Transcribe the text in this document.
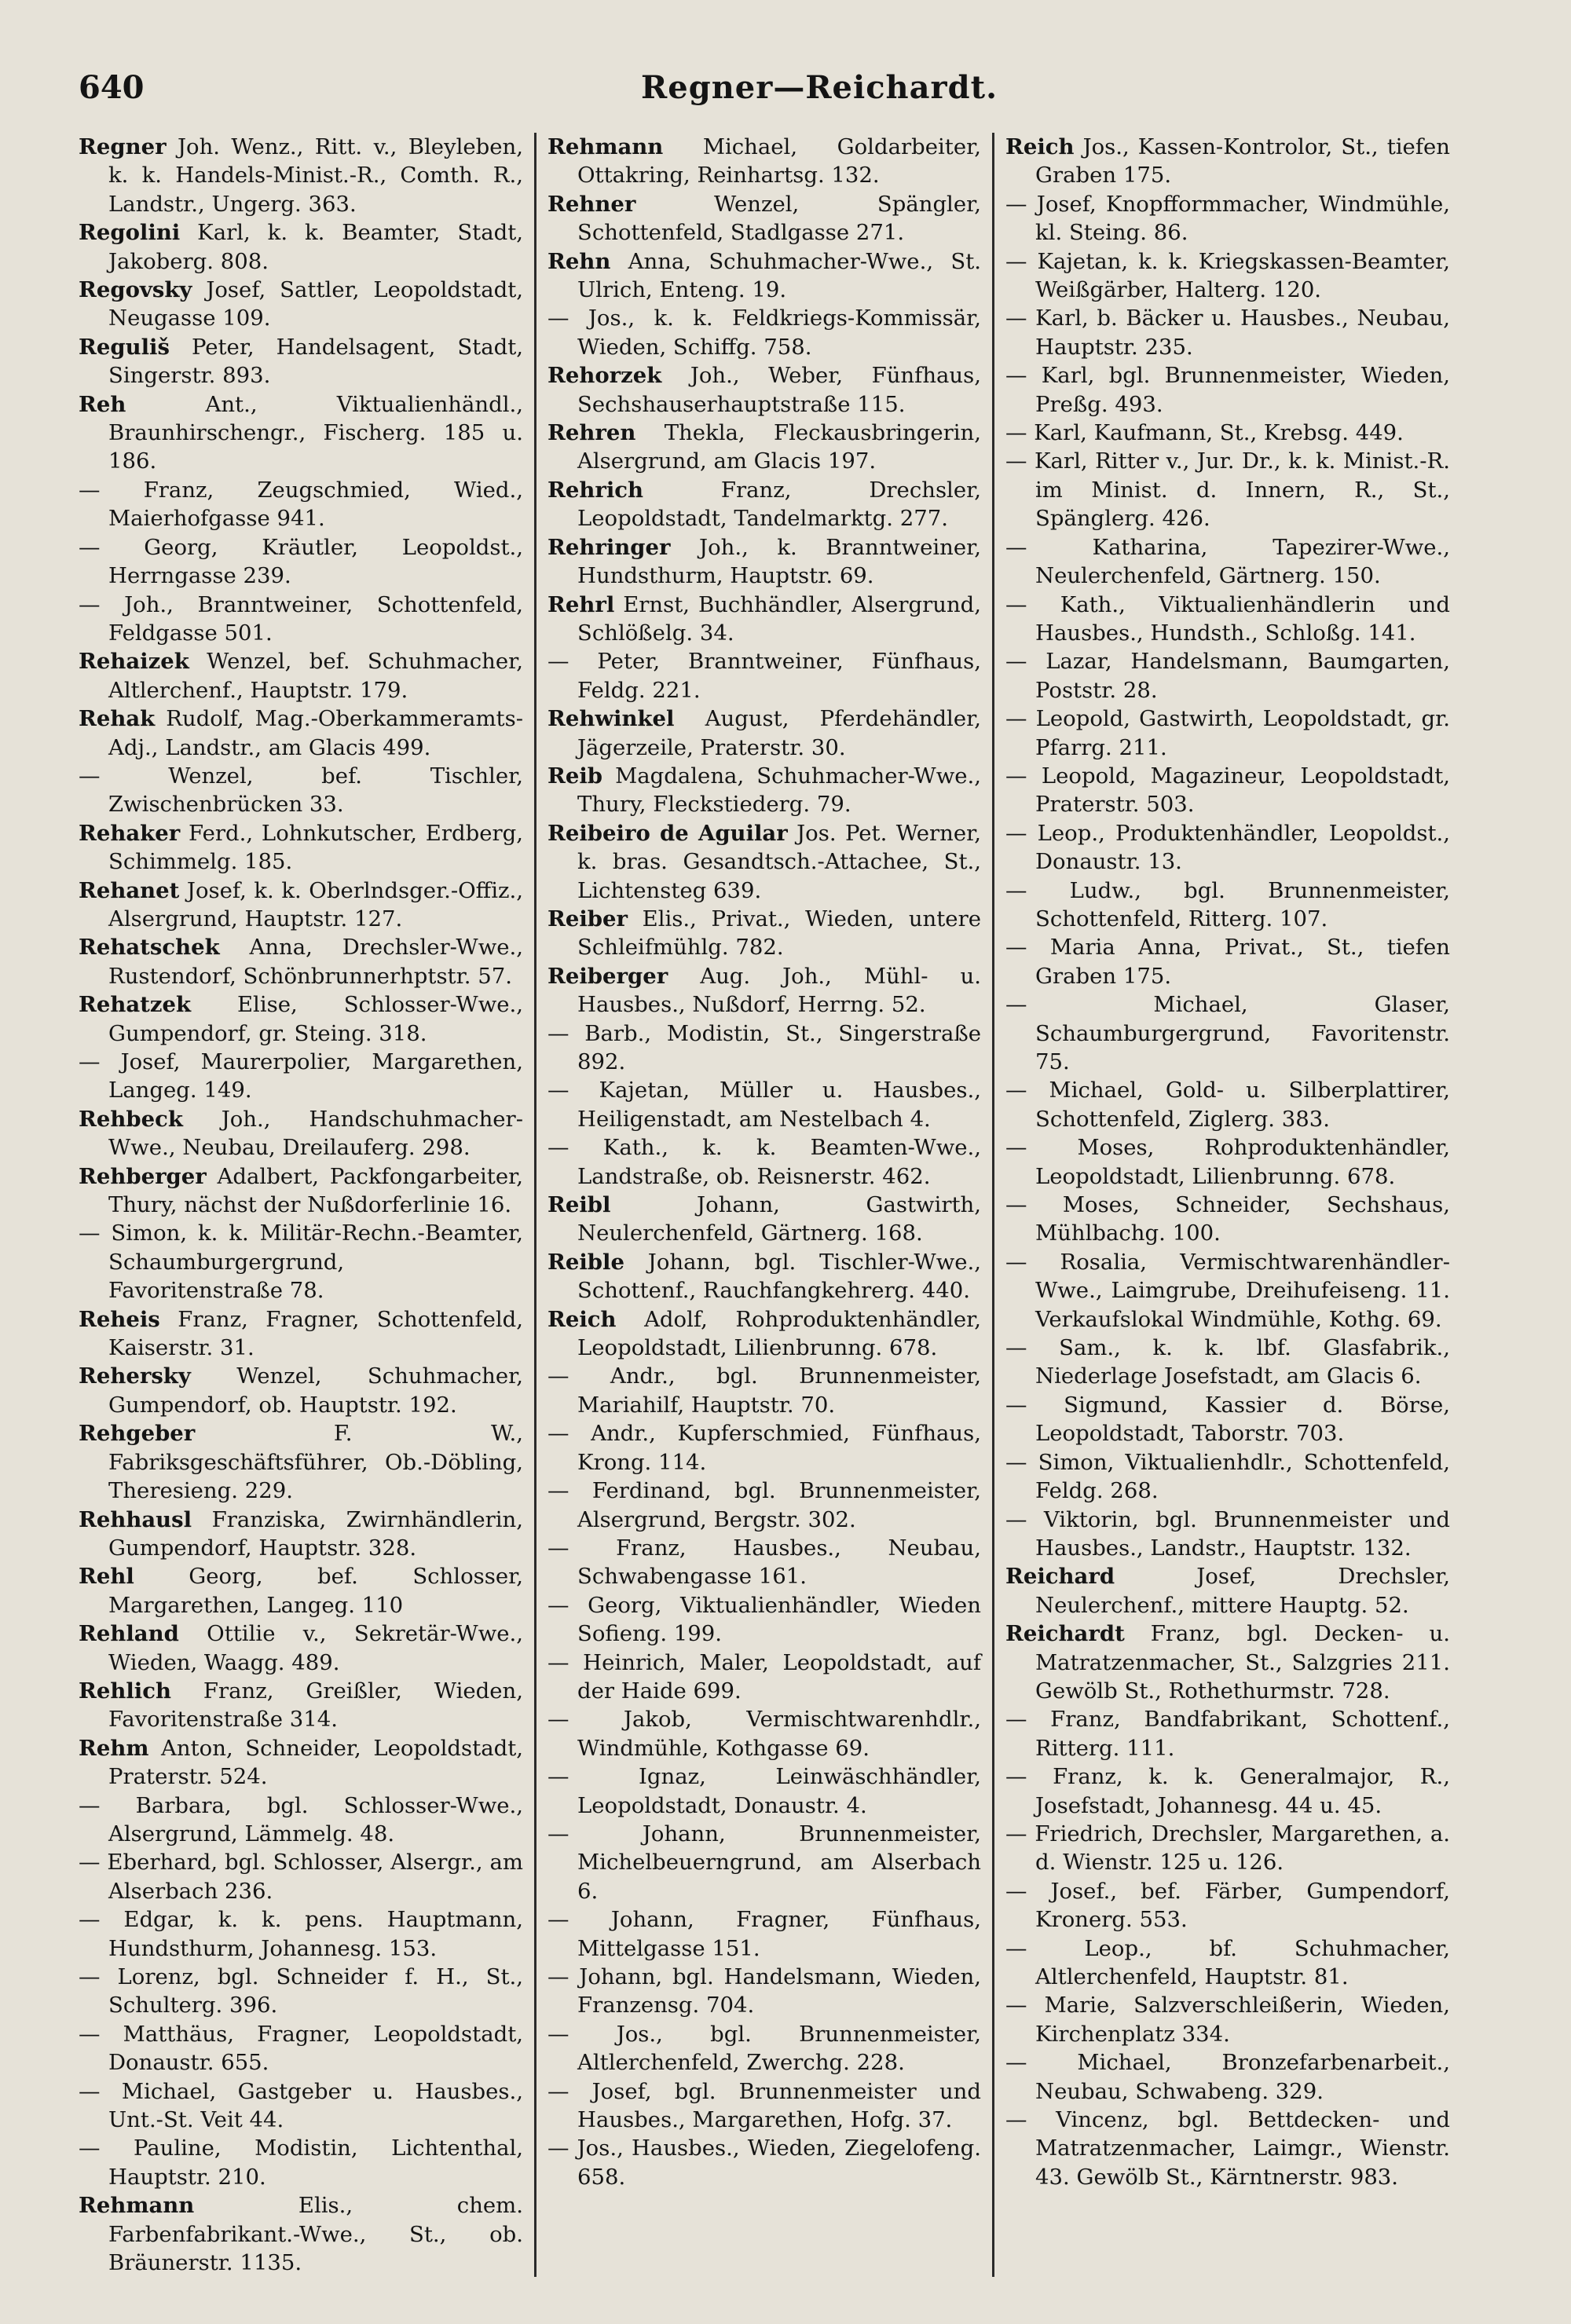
640	Regner—Reichardt.
Regner Joh. Wenz., Ritt. v., Bleyleben, k. k. Handels-Minist.-R., Comth. R., Landstr., Ungerg. 363.
Regolini Karl, k. k. Beamter, Stadt, Jakoberg. 808.
Regovsky Josef, Sattler, Leopoldstadt, Neugasse 109.
Reguliš Peter, Handelsagent, Stadt, Singerstr. 893.
Reh Ant., Viktualienhändl., Braunhirschengr., Fischerg. 185 u. 186.
— Franz, Zeugschmied, Wied., Maierhofgasse 941.
— Georg, Kräutler, Leopoldst., Herrngasse 239.
— Joh., Branntweiner, Schottenfeld, Feldgasse 501.
Rehaizek Wenzel, bef. Schuhmacher, Altlerchenf., Hauptstr. 179.
Rehak Rudolf, Mag.-Oberkammeramts-Adj., Landstr., am Glacis 499.
— Wenzel, bef. Tischler, Zwischenbrücken 33.
Rehaker Ferd., Lohnkutscher, Erdberg, Schimmelg. 185.
Rehanet Josef, k. k. Oberlndsger.-Offiz., Alsergrund, Hauptstr. 127.
Rehatschek Anna, Drechsler-Wwe., Rustendorf, Schönbrunnerhptstr. 57.
Rehatzek Elise, Schlosser-Wwe., Gumpendorf, gr. Steing. 318.
— Josef, Maurerpolier, Margarethen, Langeg. 149.
Rehbeck Joh., Handschuhmacher-Wwe., Neubau, Dreilauferg. 298.
Rehberger Adalbert, Packfongarbeiter, Thury, nächst der Nußdorferlinie 16.
— Simon, k. k. Militär-Rechn.-Beamter, Schaumburgergrund, Favoritenstraße 78.
Reheis Franz, Fragner, Schottenfeld, Kaiserstr. 31.
Rehersky Wenzel, Schuhmacher, Gumpendorf, ob. Hauptstr. 192.
Rehgeber F. W., Fabriksgeschäftsführer, Ob.-Döbling, Theresieng. 229.
Rehhausl Franziska, Zwirnhändlerin, Gumpendorf, Hauptstr. 328.
Rehl Georg, bef. Schlosser, Margarethen, Langeg. 110
Rehland Ottilie v., Sekretär-Wwe., Wieden, Waagg. 489.
Rehlich Franz, Greißler, Wieden, Favoritenstraße 314.
Rehm Anton, Schneider, Leopoldstadt, Praterstr. 524.
— Barbara, bgl. Schlosser-Wwe., Alsergrund, Lämmelg. 48.
— Eberhard, bgl. Schlosser, Alsergr., am Alserbach 236.
— Edgar, k. k. pens. Hauptmann, Hundsthurm, Johannesg. 153.
— Lorenz, bgl. Schneider f. H., St., Schulterg. 396.
— Matthäus, Fragner, Leopoldstadt, Donaustr. 655.
— Michael, Gastgeber u. Hausbes., Unt.-St. Veit 44.
— Pauline, Modistin, Lichtenthal, Hauptstr. 210.
Rehmann Elis., chem. Farbenfabrikant.-Wwe., St., ob. Bräunerstr. 1135.
Rehmann Michael, Goldarbeiter, Ottakring, Reinhartsg. 132.
Rehner Wenzel, Spängler, Schottenfeld, Stadlgasse 271.
Rehn Anna, Schuhmacher-Wwe., St. Ulrich, Enteng. 19.
— Jos., k. k. Feldkriegs-Kommissär, Wieden, Schiffg. 758.
Rehorzek Joh., Weber, Fünfhaus, Sechshauserhauptstraße 115.
Rehren Thekla, Fleckausbringerin, Alsergrund, am Glacis 197.
Rehrich Franz, Drechsler, Leopoldstadt, Tandelmarktg. 277.
Rehringer Joh., k. Branntweiner, Hundsthurm, Hauptstr. 69.
Rehrl Ernst, Buchhändler, Alsergrund, Schlößelg. 34.
— Peter, Branntweiner, Fünfhaus, Feldg. 221.
Rehwinkel August, Pferdehändler, Jägerzeile, Praterstr. 30.
Reib Magdalena, Schuhmacher-Wwe., Thury, Fleckstiederg. 79.
Reibeiro de Aguilar Jos. Pet. Werner, k. bras. Gesandtsch.-Attachee, St., Lichtensteg 639.
Reiber Elis., Privat., Wieden, untere Schleifmühlg. 782.
Reiberger Aug. Joh., Mühl- u. Hausbes., Nußdorf, Herrng. 52.
— Barb., Modistin, St., Singerstraße 892.
— Kajetan, Müller u. Hausbes., Heiligenstadt, am Nestelbach 4.
— Kath., k. k. Beamten-Wwe., Landstraße, ob. Reisnerstr. 462.
Reibl Johann, Gastwirth, Neulerchenfeld, Gärtnerg. 168.
Reible Johann, bgl. Tischler-Wwe., Schottenf., Rauchfangkehrerg. 440.
Reich Adolf, Rohproduktenhändler, Leopoldstadt, Lilienbrunng. 678.
— Andr., bgl. Brunnenmeister, Mariahilf, Hauptstr. 70.
— Andr., Kupferschmied, Fünfhaus, Krong. 114.
— Ferdinand, bgl. Brunnenmeister, Alsergrund, Bergstr. 302.
— Franz, Hausbes., Neubau, Schwabengasse 161.
— Georg, Viktualienhändler, Wieden Sofieng. 199.
— Heinrich, Maler, Leopoldstadt, auf der Haide 699.
— Jakob, Vermischtwarenhdlr., Windmühle, Kothgasse 69.
— Ignaz, Leinwäschhändler, Leopoldstadt, Donaustr. 4.
— Johann, Brunnenmeister, Michelbeuerngrund, am Alserbach 6.
— Johann, Fragner, Fünfhaus, Mittelgasse 151.
— Johann, bgl. Handelsmann, Wieden, Franzensg. 704.
— Jos., bgl. Brunnenmeister, Altlerchenfeld, Zwerchg. 228.
— Josef, bgl. Brunnenmeister und Hausbes., Margarethen, Hofg. 37.
— Jos., Hausbes., Wieden, Ziegelofeng. 658.
Reich Jos., Kassen-Kontrolor, St., tiefen Graben 175.
— Josef, Knopfformmacher, Windmühle, kl. Steing. 86.
— Kajetan, k. k. Kriegskassen-Beamter, Weißgärber, Halterg. 120.
— Karl, b. Bäcker u. Hausbes., Neubau, Hauptstr. 235.
— Karl, bgl. Brunnenmeister, Wieden, Preßg. 493.
— Karl, Kaufmann, St., Krebsg. 449.
— Karl, Ritter v., Jur. Dr., k. k. Minist.-R. im Minist. d. Innern, R., St., Spänglerg. 426.
— Katharina, Tapezirer-Wwe., Neulerchenfeld, Gärtnerg. 150.
— Kath., Viktualienhändlerin und Hausbes., Hundsth., Schloßg. 141.
— Lazar, Handelsmann, Baumgarten, Poststr. 28.
— Leopold, Gastwirth, Leopoldstadt, gr. Pfarrg. 211.
— Leopold, Magazineur, Leopoldstadt, Praterstr. 503.
— Leop., Produktenhändler, Leopoldst., Donaustr. 13.
— Ludw., bgl. Brunnenmeister, Schottenfeld, Ritterg. 107.
— Maria Anna, Privat., St., tiefen Graben 175.
— Michael, Glaser, Schaumburgergrund, Favoritenstr. 75.
— Michael, Gold- u. Silberplattirer, Schottenfeld, Ziglerg. 383.
— Moses, Rohproduktenhändler, Leopoldstadt, Lilienbrunng. 678.
— Moses, Schneider, Sechshaus, Mühlbachg. 100.
— Rosalia, Vermischtwarenhändler-Wwe., Laimgrube, Dreihufeiseng. 11. Verkaufslokal Windmühle, Kothg. 69.
— Sam., k. k. lbf. Glasfabrik., Niederlage Josefstadt, am Glacis 6.
— Sigmund, Kassier d. Börse, Leopoldstadt, Taborstr. 703.
— Simon, Viktualienhdlr., Schottenfeld, Feldg. 268.
— Viktorin, bgl. Brunnenmeister und Hausbes., Landstr., Hauptstr. 132.
Reichard Josef, Drechsler, Neulerchenf., mittere Hauptg. 52.
Reichardt Franz, bgl. Decken- u. Matratzenmacher, St., Salzgries 211. Gewölb St., Rothethurmstr. 728.
— Franz, Bandfabrikant, Schottenf., Ritterg. 111.
— Franz, k. k. Generalmajor, R., Josefstadt, Johannesg. 44 u. 45.
— Friedrich, Drechsler, Margarethen, a. d. Wienstr. 125 u. 126.
— Josef., bef. Färber, Gumpendorf, Kronerg. 553.
— Leop., bf. Schuhmacher, Altlerchenfeld, Hauptstr. 81.
— Marie, Salzverschleißerin, Wieden, Kirchenplatz 334.
— Michael, Bronzefarbenarbeit., Neubau, Schwabeng. 329.
— Vincenz, bgl. Bettdecken- und Matratzenmacher, Laimgr., Wienstr. 43. Gewölb St., Kärntnerstr. 983.
